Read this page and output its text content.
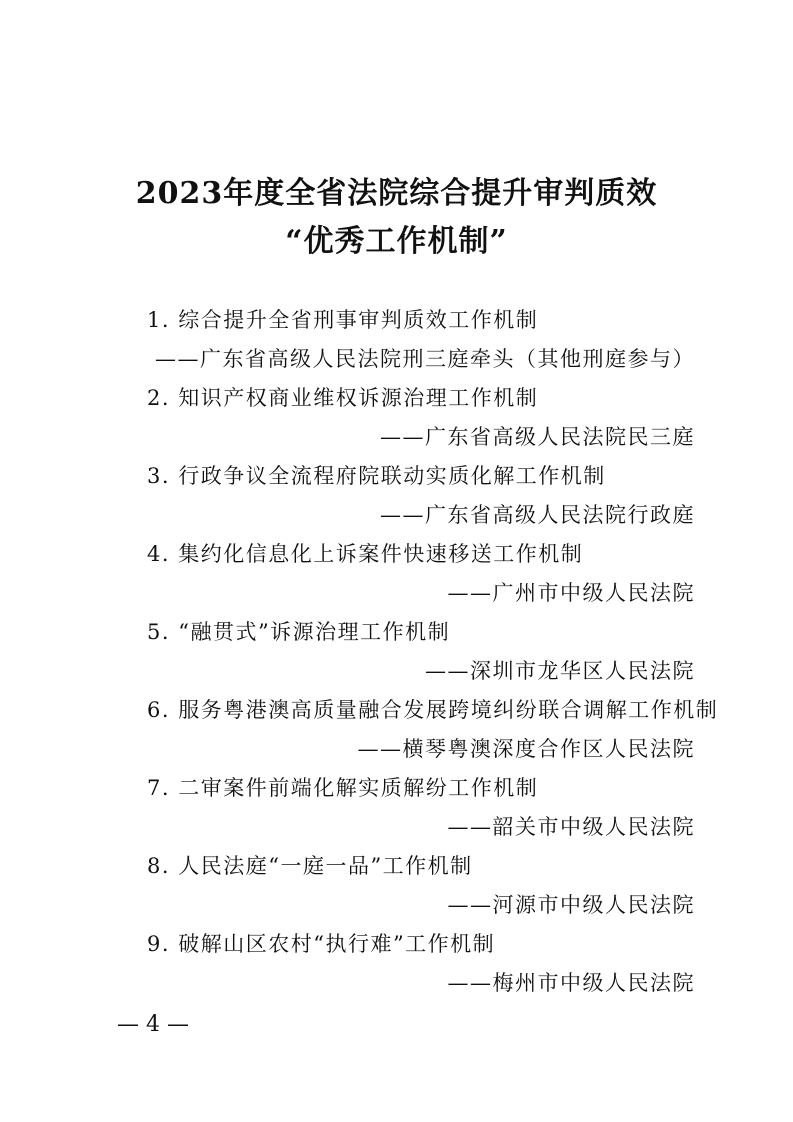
2023年度全省法院综合提升审判质效
“优秀工作机制”
1. 综合提升全省刑事审判质效工作机制
——广东省高级人民法院刑三庭牵头（其他刑庭参与）
2. 知识产权商业维权诉源治理工作机制
——广东省高级人民法院民三庭
3. 行政争议全流程府院联动实质化解工作机制
——广东省高级人民法院行政庭
4. 集约化信息化上诉案件快速移送工作机制
——广州市中级人民法院
5. “融贯式”诉源治理工作机制
——深圳市龙华区人民法院
6. 服务粤港澳高质量融合发展跨境纠纷联合调解工作机制
——横琴粤澳深度合作区人民法院
7. 二审案件前端化解实质解纷工作机制
——韶关市中级人民法院
8. 人民法庭“一庭一品”工作机制
——河源市中级人民法院
9. 破解山区农村“执行难”工作机制
——梅州市中级人民法院
— 4 —
